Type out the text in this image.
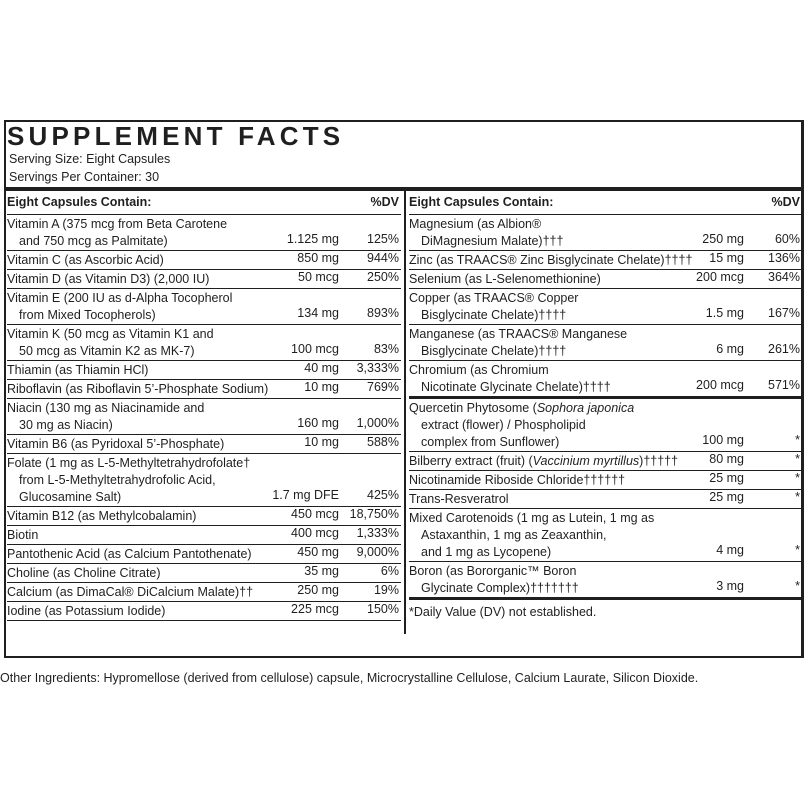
SUPPLEMENT FACTS
Serving Size: Eight Capsules
Servings Per Container: 30
Eight Capsules Contain:	%DV
Vitamin A (375 mcg from Beta Carotene
and 750 mcg as Palmitate)	1.125 mg 125%
Vitamin C (as Ascorbic Acid)	850 mg 944%
Vitamin D (as Vitamin D3) (2,000 IU)	50 mcg 250%
Vitamin E (200 IU as d-Alpha Tocopherol
from Mixed Tocopherols)	134 mg 893%
Vitamin K (50 mcg as Vitamin K1 and
50 mcg as Vitamin K2 as MK-7)	100 mcg	83%
Thiamin (as Thiamin HCl)	40 mg 3,333%
Riboflavin (as Riboflavin 5’-Phosphate Sodium)	10 mg 769%
Niacin (130 mg as Niacinamide and
30 mg as Niacin)	160 mg 1,000%
Vitamin B6 (as Pyridoxal 5’-Phosphate)	10 mg 588%
Folate (1 mg as L-5-Methyltetrahydrofolate†
from L-5-Methyltetrahydrofolic Acid,
Glucosamine Salt)	1.7 mg DFE 425%
Vitamin B12 (as Methylcobalamin)	450 mcg 18,750%
Biotin	400 mcg 1,333%
Pantothenic Acid (as Calcium Pantothenate)	450 mg 9,000%
Choline (as Choline Citrate)	35 mg	6%
Calcium (as DimaCal® DiCalcium Malate)††	250 mg	19%
Iodine (as Potassium Iodide)	225 mcg 150%
Eight Capsules Contain:	%DV
Magnesium (as Albion®
DiMagnesium Malate)†††	250 mg 60%
Zinc (as TRAACS® Zinc Bisglycinate Chelate)††††	15 mg 136%
Selenium (as L-Selenomethionine)	200 mcg 364%
Copper (as TRAACS® Copper
Bisglycinate Chelate)††††	1.5 mg 167%
Manganese (as TRAACS® Manganese
Bisglycinate Chelate)††††	6 mg 261%
Chromium (as Chromium
Nicotinate Glycinate Chelate)††††	200 mcg 571%
Quercetin Phytosome (Sophora japonica
extract (flower) / Phospholipid
complex from Sunflower)	100 mg	*
Bilberry extract (fruit) (Vaccinium myrtillus)†††††	80 mg	*
Nicotinamide Riboside Chloride††††††	25 mg	*
Trans-Resveratrol	25 mg	*
Mixed Carotenoids (1 mg as Lutein, 1 mg as
Astaxanthin, 1 mg as Zeaxanthin,
and 1 mg as Lycopene)	4 mg	*
Boron (as Bororganic™ Boron
Glycinate Complex)†††††††	3 mg	*
*Daily Value (DV) not established.
Other Ingredients: Hypromellose (derived from cellulose) capsule, Microcrystalline Cellulose, Calcium Laurate, Silicon Dioxide.
